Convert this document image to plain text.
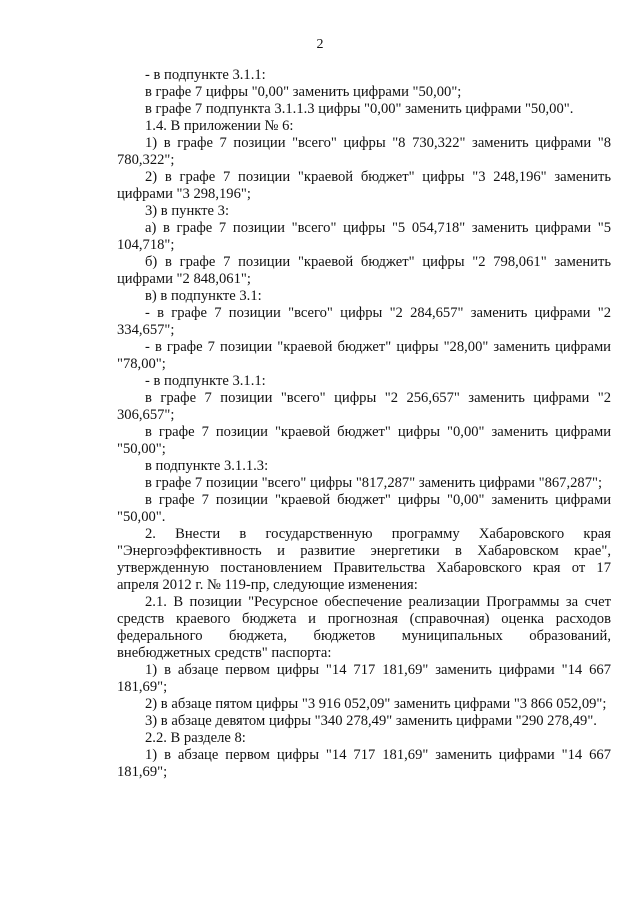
2

- в подпункте 3.1.1:

в графе 7 цифры "0,00" заменить цифрами "50,00";

в графе 7 подпункта 3.1.1.3 цифры "0,00" заменить цифрами "50,00".

1.4. В приложении № 6:

1) в графе 7 позиции "всего" цифры "8 730,322" заменить цифрами "8 780,322";

2) в графе 7 позиции "краевой бюджет" цифры "3 248,196" заменить цифрами "3 298,196";

3) в пункте 3:

а) в графе 7 позиции "всего" цифры "5 054,718" заменить цифрами "5 104,718";

б) в графе 7 позиции "краевой бюджет" цифры "2 798,061" заменить цифрами "2 848,061";

в) в подпункте 3.1:

- в графе 7 позиции "всего" цифры "2 284,657" заменить цифрами "2 334,657";

- в графе 7 позиции "краевой бюджет" цифры "28,00" заменить цифрами "78,00";

- в подпункте 3.1.1:

в графе 7 позиции "всего" цифры "2 256,657" заменить цифрами "2 306,657";

в графе 7 позиции "краевой бюджет" цифры "0,00" заменить цифрами "50,00";

в подпункте 3.1.1.3:

в графе 7 позиции "всего" цифры "817,287" заменить цифрами "867,287";

в графе 7 позиции "краевой бюджет" цифры "0,00" заменить цифрами "50,00".

2. Внести в государственную программу Хабаровского края "Энергоэффективность и развитие энергетики в Хабаровском крае", утвержденную постановлением Правительства Хабаровского края от 17 апреля 2012 г. № 119-пр, следующие изменения:

2.1. В позиции "Ресурсное обеспечение реализации Программы за счет средств краевого бюджета и прогнозная (справочная) оценка расходов федерального бюджета, бюджетов муниципальных образований, внебюджетных средств" паспорта:

1) в абзаце первом цифры "14 717 181,69" заменить цифрами "14 667 181,69";

2) в абзаце пятом цифры "3 916 052,09" заменить цифрами "3 866 052,09";

3) в абзаце девятом цифры "340 278,49" заменить цифрами "290 278,49".

2.2. В разделе 8:

1) в абзаце первом цифры "14 717 181,69" заменить цифрами "14 667 181,69";
